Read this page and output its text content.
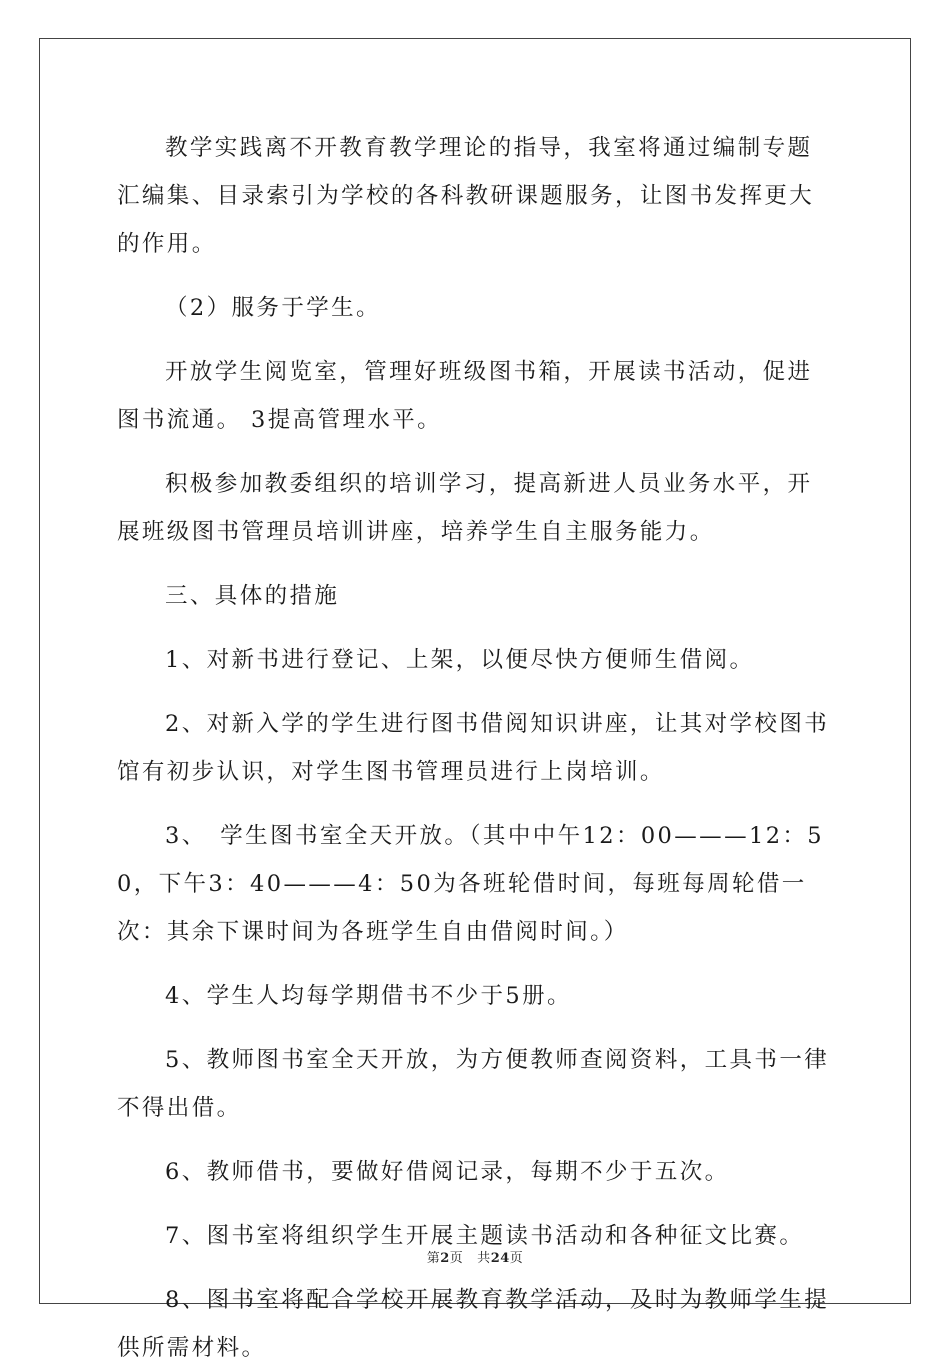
教学实践离不开教育教学理论的指导，我室将通过编制专题汇编集、目录索引为学校的各科教研课题服务，让图书发挥更大的作用。

（2）服务于学生。

开放学生阅览室，管理好班级图书箱，开展读书活动，促进图书流通。 3提高管理水平。

积极参加教委组织的培训学习，提高新进人员业务水平，开展班级图书管理员培训讲座，培养学生自主服务能力。

三、具体的措施

1、对新书进行登记、上架，以便尽快方便师生借阅。

2、对新入学的学生进行图书借阅知识讲座，让其对学校图书馆有初步认识，对学生图书管理员进行上岗培训。

3、　学生图书室全天开放。（其中中午12：00———12：50，下午3：40———4：50为各班轮借时间，每班每周轮借一次：其余下课时间为各班学生自由借阅时间。）

4、学生人均每学期借书不少于5册。

5、教师图书室全天开放，为方便教师查阅资料，工具书一律不得出借。

6、教师借书，要做好借阅记录，每期不少于五次。

7、图书室将组织学生开展主题读书活动和各种征文比赛。

8、图书室将配合学校开展教育教学活动，及时为教师学生提供所需材料。

第2页 共24页
